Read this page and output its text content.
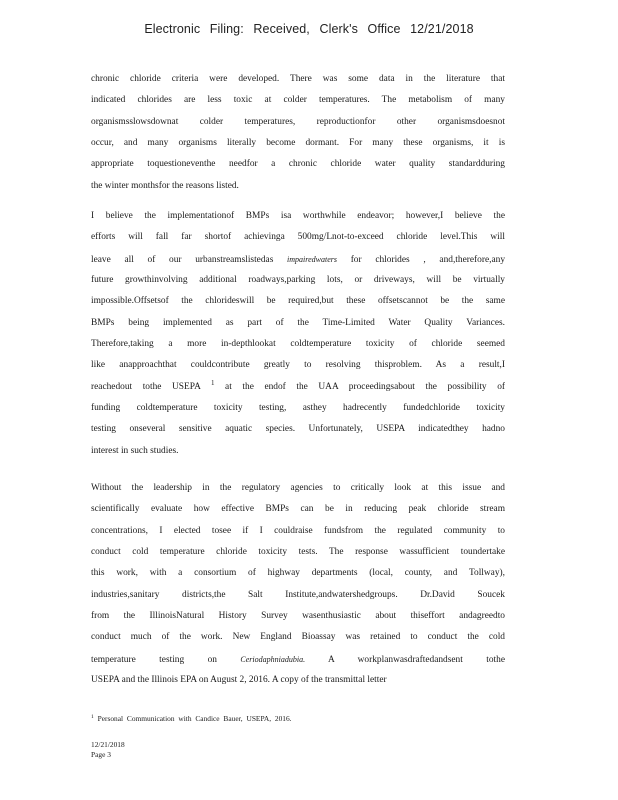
Electronic Filing: Received, Clerk's Office 12/21/2018
chronic chloride criteria were developed. There was some data in the literature that
indicated chlorides are less toxic at colder temperatures. The metabolism of many
organismsslowsdownat colder temperatures, reproductionfor other organismsdoesnot
occur, and many organisms literally become dormant. For many these organisms, it is
appropriate toquestioneventhe needfor a chronic chloride water quality standardduring
the winter monthsfor the reasons listed.
I believe the implementationof BMPs isa worthwhile endeavor; however,I believe the
efforts will fall far shortof achievinga 500mg/Lnot-to-exceed chloride level.This will
leave all of our urbanstreamslistedas impairedwaters for chlorides , and,therefore,any
future growthinvolving additional roadways,parking lots, or driveways, will be virtually
impossible.Offsetsof the chlorideswill be required,but these offsetscannot be the same
BMPs being implemented as part of the Time-Limited Water Quality Variances.
Therefore,taking a more in-depthlookat coldtemperature toxicity of chloride seemed
like anapproachthat couldcontribute greatly to resolving thisproblem. As a result,I
reachedout tothe USEPA $^1$ at the endof the UAA proceedingsabout the possibility of
funding coldtemperature toxicity testing, asthey hadrecently fundedchloride toxicity
testing onseveral sensitive aquatic species. Unfortunately, USEPA indicatedthey hadno
interest in such studies.
Without the leadership in the regulatory agencies to critically look at this issue and
scientifically evaluate how effective BMPs can be in reducing peak chloride stream
concentrations, I elected tosee if I couldraise fundsfrom the regulated community to
conduct cold temperature chloride toxicity tests. The response wassufficient toundertake
this work, with a consortium of highway departments (local, county, and Tollway),
industries,sanitary districts,the Salt Institute,andwatershedgroups. Dr.David Soucek
from the IllinoisNatural History Survey wasenthusiastic about thiseffort andagreedto
conduct much of the work. New England Bioassay was retained to conduct the cold
temperature testing on	Ceriodaphniadubia. A workplanwasdraftedandsent tothe
USEPA and the Illinois EPA on August 2, 2016. A copy of the transmittal letter
$^1$ Personal Communication with Candice Bauer, USEPA, 2016.
12/21/2018
Page 3
